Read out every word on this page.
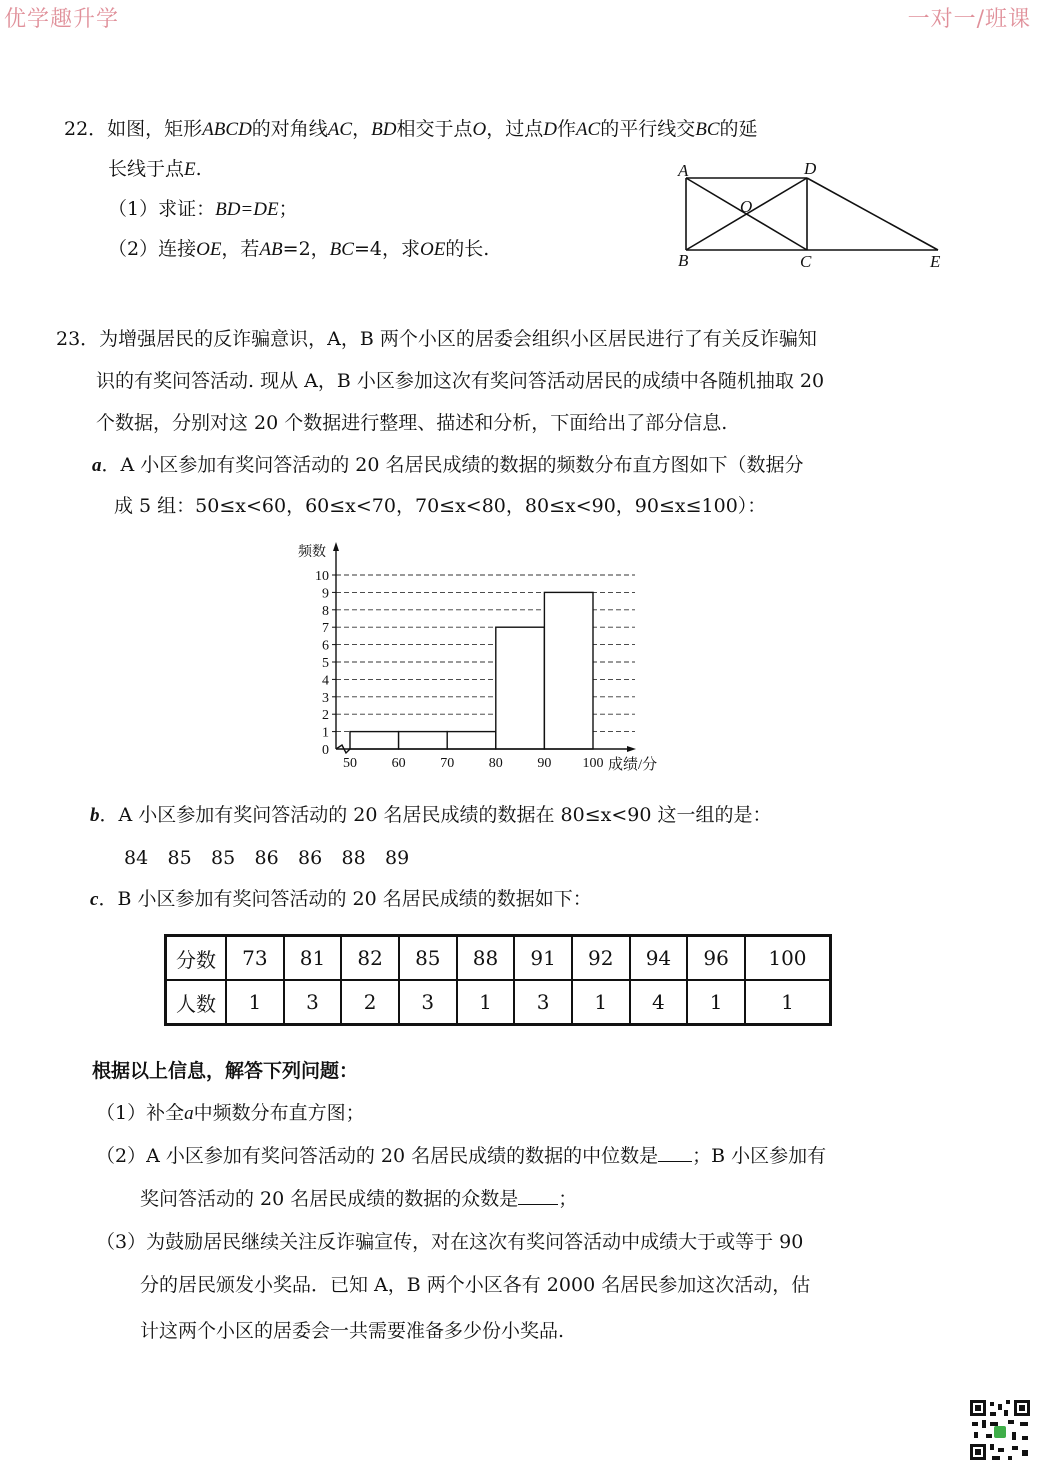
优学趣升学	一对一/班课
22．如图，矩形ABCD的对角线AC，BD相交于点O，过点D作AC的平行线交BC的延
长线于点E.
（1）求证：BD=DE；
（2）连接OE，若AB=2，BC=4，求OE的长.
A	D
O
B	C	E
23．为增强居民的反诈骗意识，A，B 两个小区的居委会组织小区居民进行了有关反诈骗知
识的有奖问答活动. 现从 A，B 小区参加这次有奖问答活动居民的成绩中各随机抽取 20
个数据，分别对这 20 个数据进行整理、描述和分析，下面给出了部分信息.
a．A 小区参加有奖问答活动的 20 名居民成绩的数据的频数分布直方图如下（数据分
成 5 组：50≤x<60，60≤x<70，70≤x<80，80≤x<90，90≤x≤100）：
0
1
2
3
4
5
6
7
8
9
10
50 60 70 80 90 100
频数
成绩/分
b．A 小区参加有奖问答活动的 20 名居民成绩的数据在 80≤x<90 这一组的是：
84 85 85 86 86 88 89
c．B 小区参加有奖问答活动的 20 名居民成绩的数据如下：
分数	73	81	82	85	88	91	92	94	96	100
人数	1	3	2	3	1	3	1	4	1	1
根据以上信息，解答下列问题：
（1）补全a中频数分布直方图；
（2）A 小区参加有奖问答活动的 20 名居民成绩的数据的中位数是 ；B 小区参加有
奖问答活动的 20 名居民成绩的数据的众数是 ；
（3）为鼓励居民继续关注反诈骗宣传，对在这次有奖问答活动中成绩大于或等于 90
分的居民颁发小奖品．已知 A，B 两个小区各有 2000 名居民参加这次活动，估
计这两个小区的居委会一共需要准备多少份小奖品.
